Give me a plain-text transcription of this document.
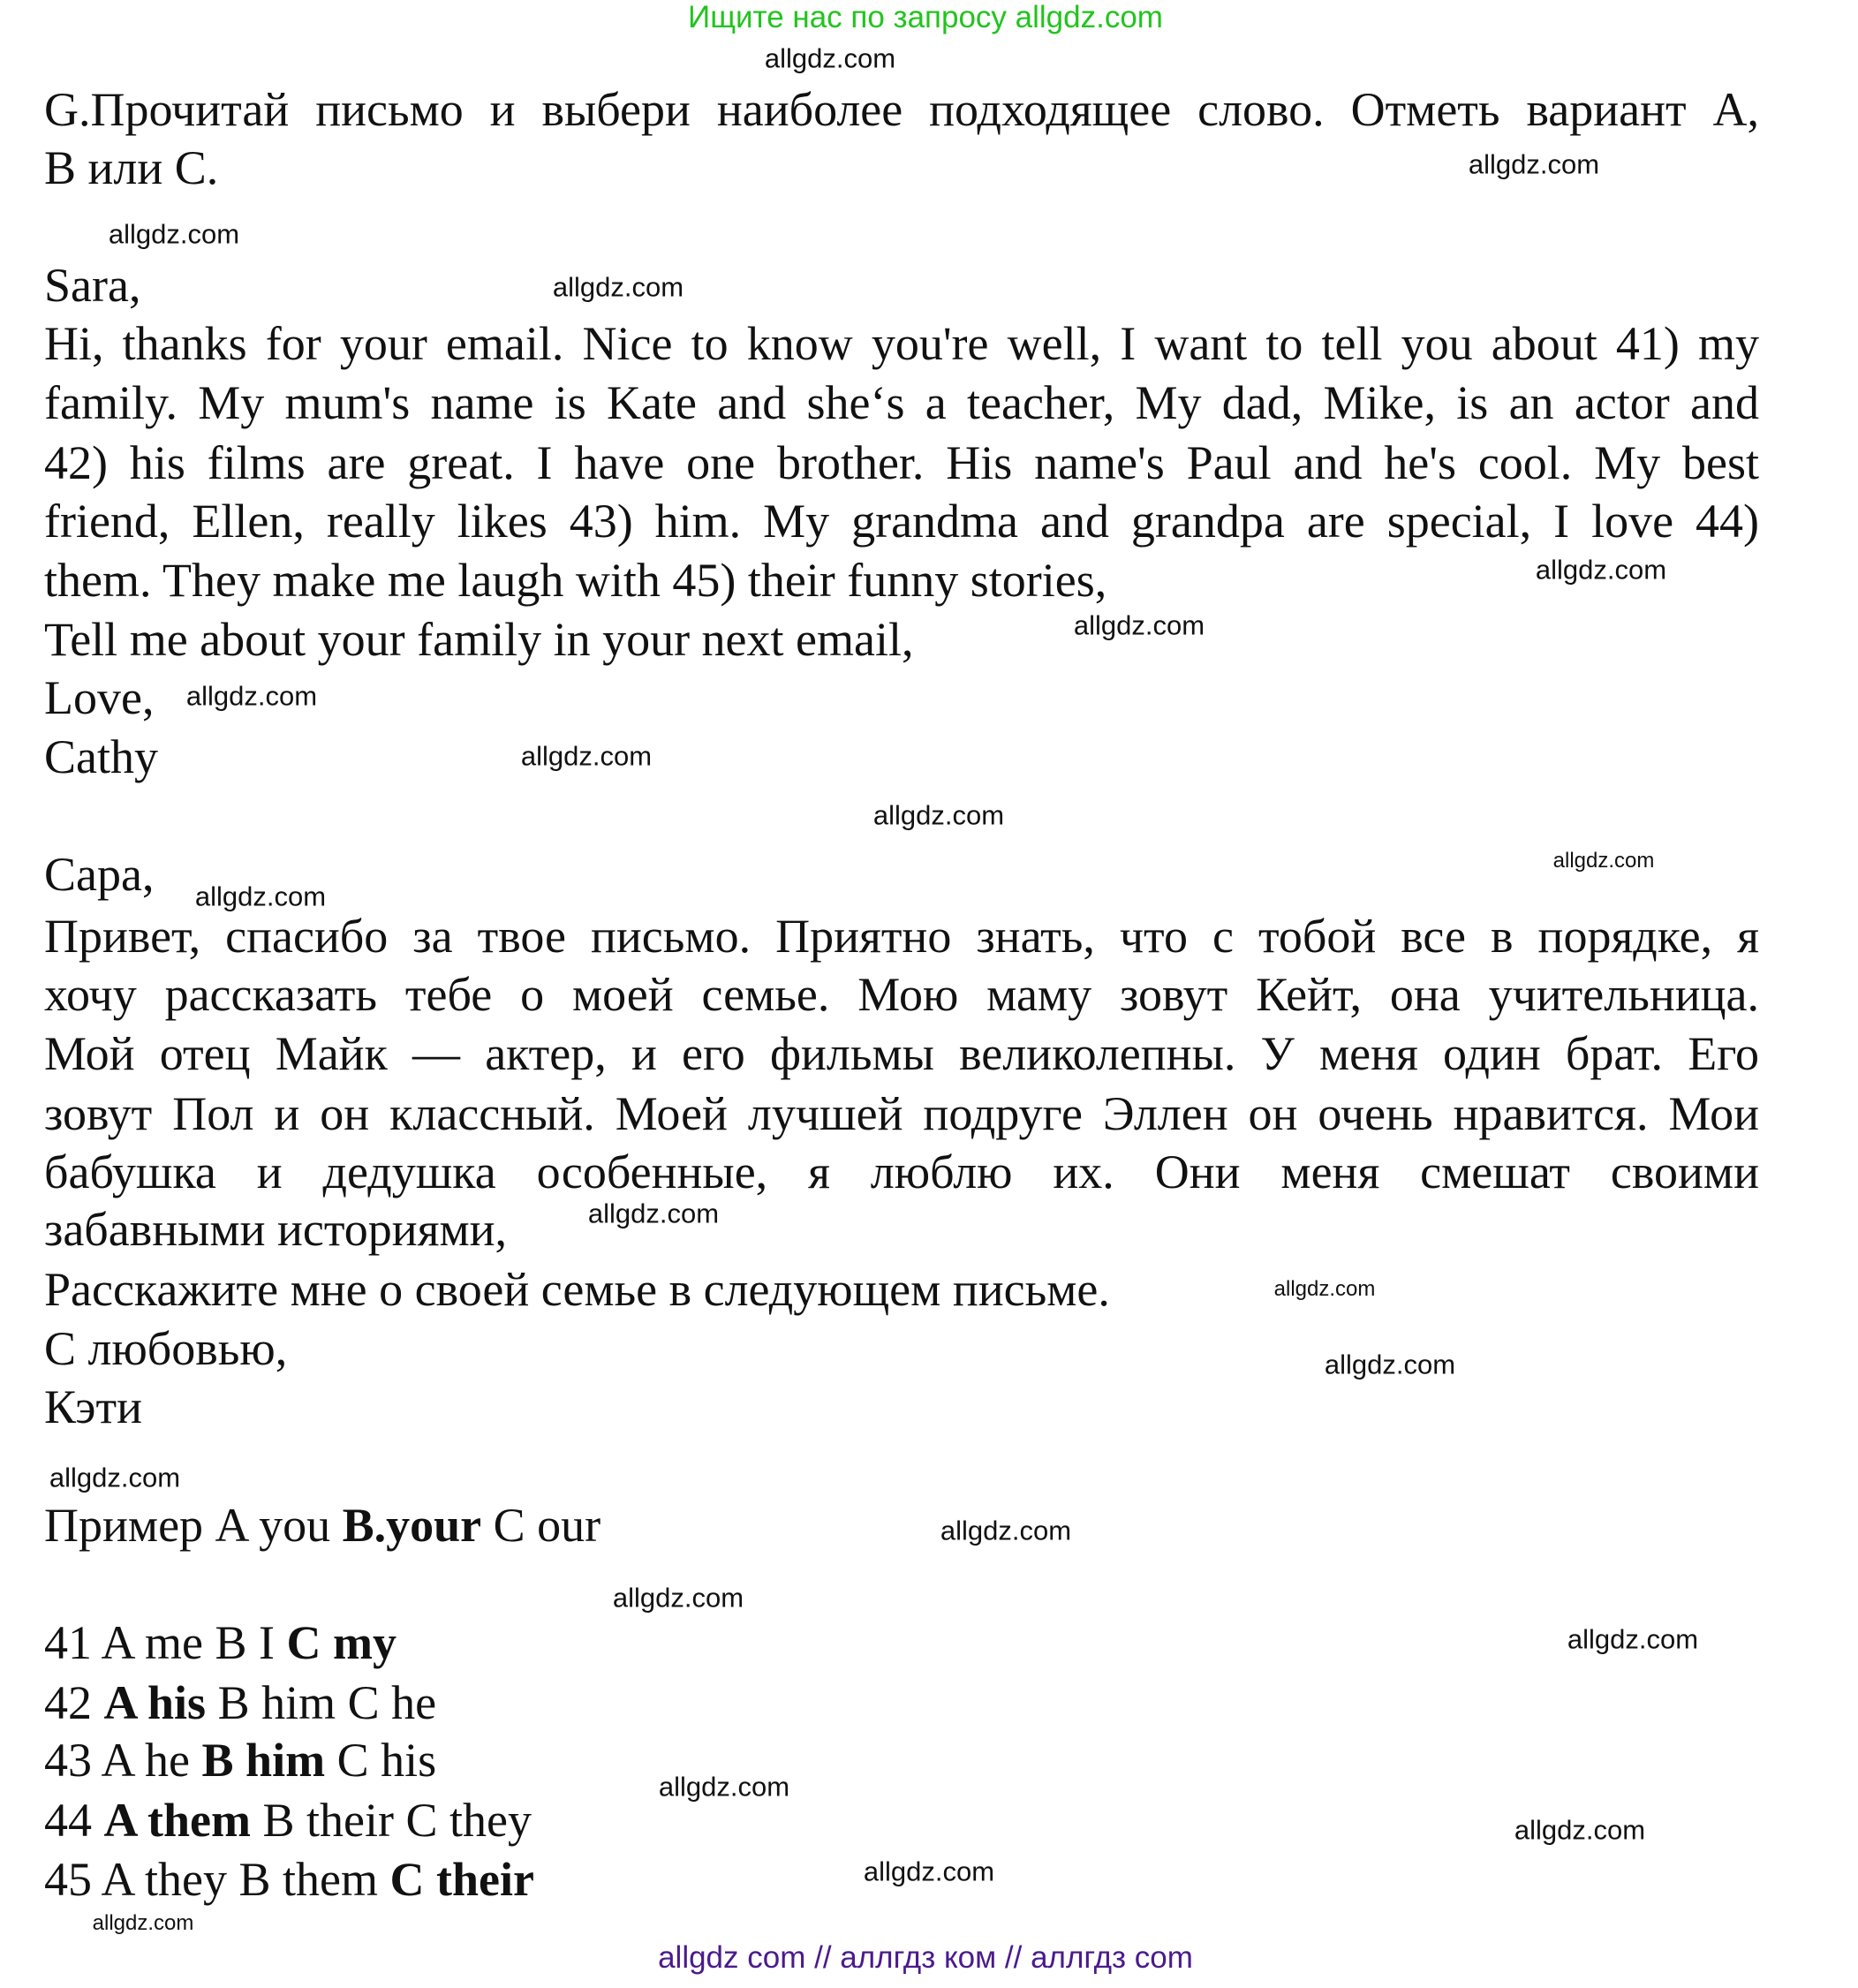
Ищите нас по запросу allgdz.com
G.Прочитай письмо и выбери наиболее подходящее слово. Отметь вариант A,
B или C.
Sara,
Hi, thanks for your email. Nice to know you're well, I want to tell you about 41) my
family. My mum's name is Kate and she‘s a teacher, My dad, Mike, is an actor and
42) his films are great. I have one brother. His name's Paul and he's cool. My best
friend, Ellen, really likes 43) him. My grandma and grandpa are special, I love 44)
them. They make me laugh with 45) their funny stories,
Tell me about your family in your next email,
Love,
Cathy
Сара,
Привет, спасибо за твое письмо. Приятно знать, что с тобой все в порядке, я
хочу рассказать тебе о моей семье. Мою маму зовут Кейт, она учительница.
Мой отец Майк — актер, и его фильмы великолепны. У меня один брат. Его
зовут Пол и он классный. Моей лучшей подруге Эллен он очень нравится. Мои
бабушка и дедушка особенные, я люблю их. Они меня смешат своими
забавными историями,
Расскажите мне о своей семье в следующем письме.
С любовью,
Кэти
Пример A you B.your C our
41 A me B I C my
42 A his B him C he
43 A he B him C his
44 A them B their C they
45 A they B them C their
allgdz.com
allgdz.com
allgdz.com
allgdz.com
allgdz.com
allgdz.com
allgdz.com
allgdz.com
allgdz.com
allgdz.com
allgdz.com
allgdz.com
allgdz.com
allgdz.com
allgdz.com
allgdz.com
allgdz.com
allgdz.com
allgdz.com
allgdz.com
allgdz.com
allgdz.com
allgdz com // аллгдз ком // аллгдз com
